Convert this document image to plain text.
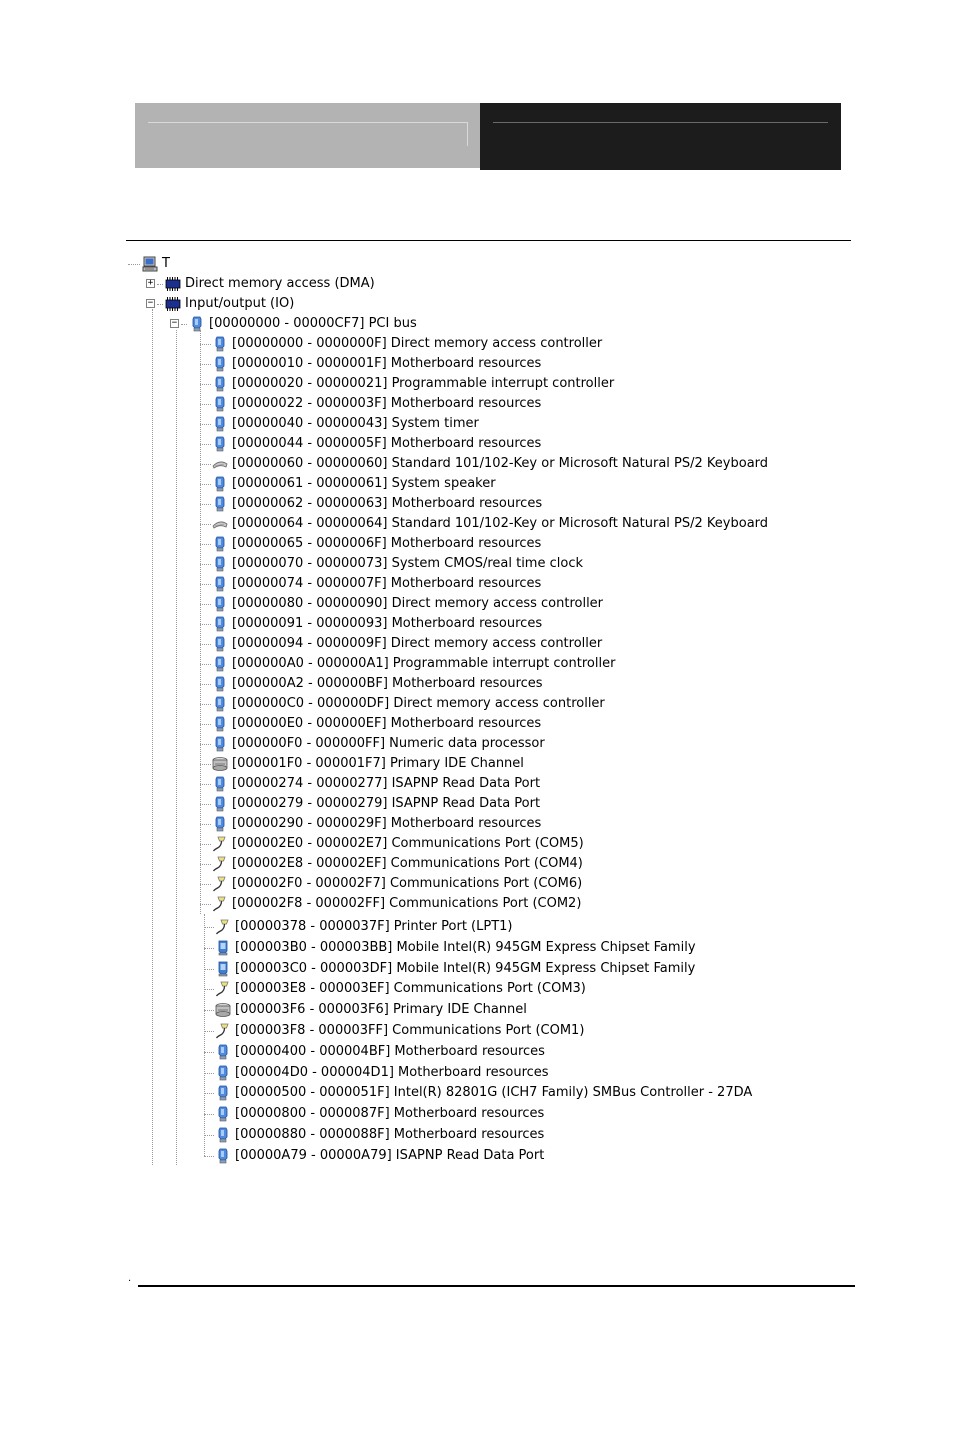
T
+ Direct memory access (DMA)
− Input/output (IO)
− [00000000 - 00000CF7] PCI bus
[00000000 - 0000000F] Direct memory access controller
[00000010 - 0000001F] Motherboard resources
[00000020 - 00000021] Programmable interrupt controller
[00000022 - 0000003F] Motherboard resources
[00000040 - 00000043] System timer
[00000044 - 0000005F] Motherboard resources
[00000060 - 00000060] Standard 101/102-Key or Microsoft Natural PS/2 Keyboard
[00000061 - 00000061] System speaker
[00000062 - 00000063] Motherboard resources
[00000064 - 00000064] Standard 101/102-Key or Microsoft Natural PS/2 Keyboard
[00000065 - 0000006F] Motherboard resources
[00000070 - 00000073] System CMOS/real time clock
[00000074 - 0000007F] Motherboard resources
[00000080 - 00000090] Direct memory access controller
[00000091 - 00000093] Motherboard resources
[00000094 - 0000009F] Direct memory access controller
[000000A0 - 000000A1] Programmable interrupt controller
[000000A2 - 000000BF] Motherboard resources
[000000C0 - 000000DF] Direct memory access controller
[000000E0 - 000000EF] Motherboard resources
[000000F0 - 000000FF] Numeric data processor
[000001F0 - 000001F7] Primary IDE Channel
[00000274 - 00000277] ISAPNP Read Data Port
[00000279 - 00000279] ISAPNP Read Data Port
[00000290 - 0000029F] Motherboard resources
[000002E0 - 000002E7] Communications Port (COM5)
[000002E8 - 000002EF] Communications Port (COM4)
[000002F0 - 000002F7] Communications Port (COM6)
[000002F8 - 000002FF] Communications Port (COM2)
[00000378 - 0000037F] Printer Port (LPT1)
[000003B0 - 000003BB] Mobile Intel(R) 945GM Express Chipset Family
[000003C0 - 000003DF] Mobile Intel(R) 945GM Express Chipset Family
[000003E8 - 000003EF] Communications Port (COM3)
[000003F6 - 000003F6] Primary IDE Channel
[000003F8 - 000003FF] Communications Port (COM1)
[00000400 - 000004BF] Motherboard resources
[000004D0 - 000004D1] Motherboard resources
[00000500 - 0000051F] Intel(R) 82801G (ICH7 Family) SMBus Controller - 27DA
[00000800 - 0000087F] Motherboard resources
[00000880 - 0000088F] Motherboard resources
[00000A79 - 00000A79] ISAPNP Read Data Port
.
